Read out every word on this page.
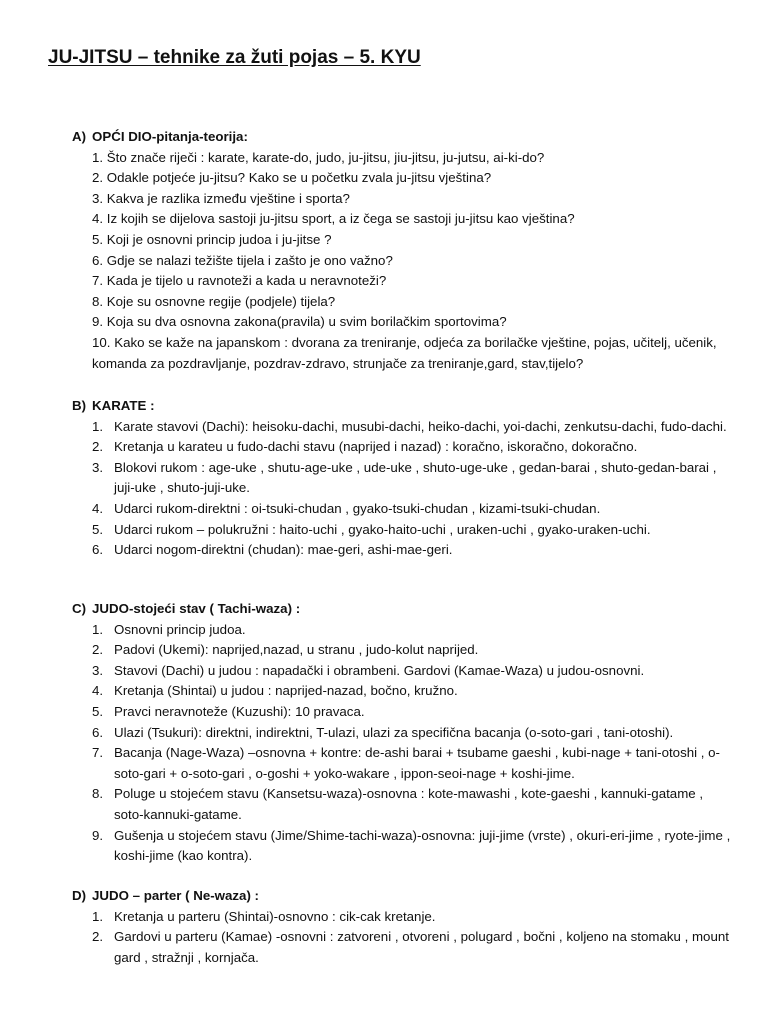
JU-JITSU – tehnike za žuti pojas – 5. KYU
A) OPĆI DIO-pitanja-teorija:
1. Što znače riječi : karate, karate-do, judo, ju-jitsu, jiu-jitsu, ju-jutsu, ai-ki-do?
2. Odakle potjeće ju-jitsu? Kako se u početku zvala ju-jitsu vještina?
3. Kakva je razlika između vještine i sporta?
4. Iz kojih se dijelova sastoji ju-jitsu sport, a iz čega se sastoji ju-jitsu kao vještina?
5. Koji je osnovni princip judoa i ju-jitse ?
6. Gdje se nalazi težište tijela i zašto je ono važno?
7. Kada je tijelo u ravnoteži a kada u neravnoteži?
8. Koje su osnovne regije (podjele) tijela?
9. Koja su dva osnovna zakona(pravila) u svim borilačkim sportovima?
10. Kako se kaže na japanskom : dvorana za treniranje, odjeća za borilačke vještine, pojas, učitelj, učenik, komanda za pozdravljanje, pozdrav-zdravo, strunjače za treniranje,gard, stav,tijelo?
B) KARATE :
1. Karate stavovi (Dachi): heisoku-dachi, musubi-dachi, heiko-dachi, yoi-dachi, zenkutsu-dachi, fudo-dachi.
2. Kretanja u karateu u fudo-dachi stavu (naprijed i nazad) : koračno, iskoračno, dokoračno.
3. Blokovi rukom : age-uke , shutu-age-uke , ude-uke , shuto-uge-uke , gedan-barai , shuto-gedan-barai , juji-uke , shuto-juji-uke.
4. Udarci rukom-direktni : oi-tsuki-chudan , gyako-tsuki-chudan , kizami-tsuki-chudan.
5. Udarci rukom – polukružni : haito-uchi , gyako-haito-uchi , uraken-uchi , gyako-uraken-uchi.
6. Udarci nogom-direktni (chudan): mae-geri, ashi-mae-geri.
C) JUDO-stojeći stav ( Tachi-waza) :
1. Osnovni princip judoa.
2. Padovi (Ukemi): naprijed,nazad, u stranu , judo-kolut naprijed.
3. Stavovi (Dachi) u judou : napadački i obrambeni. Gardovi (Kamae-Waza) u judou-osnovni.
4. Kretanja (Shintai) u judou : naprijed-nazad, bočno, kružno.
5. Pravci neravnoteže (Kuzushi): 10 pravaca.
6. Ulazi (Tsukuri): direktni, indirektni, T-ulazi, ulazi za specifična bacanja (o-soto-gari , tani-otoshi).
7. Bacanja (Nage-Waza) –osnovna + kontre: de-ashi barai + tsubame gaeshi , kubi-nage + tani-otoshi , o-soto-gari + o-soto-gari , o-goshi + yoko-wakare , ippon-seoi-nage + koshi-jime.
8. Poluge u stojećem stavu (Kansetsu-waza)-osnovna : kote-mawashi , kote-gaeshi , kannuki-gatame , soto-kannuki-gatame.
9. Gušenja u stojećem stavu (Jime/Shime-tachi-waza)-osnovna: juji-jime (vrste) , okuri-eri-jime , ryote-jime , koshi-jime (kao kontra).
D) JUDO – parter ( Ne-waza) :
1. Kretanja u parteru (Shintai)-osnovno : cik-cak kretanje.
2. Gardovi u parteru (Kamae) -osnovni : zatvoreni , otvoreni , polugard , bočni , koljeno na stomaku , mount gard , stražnji , kornjača.
